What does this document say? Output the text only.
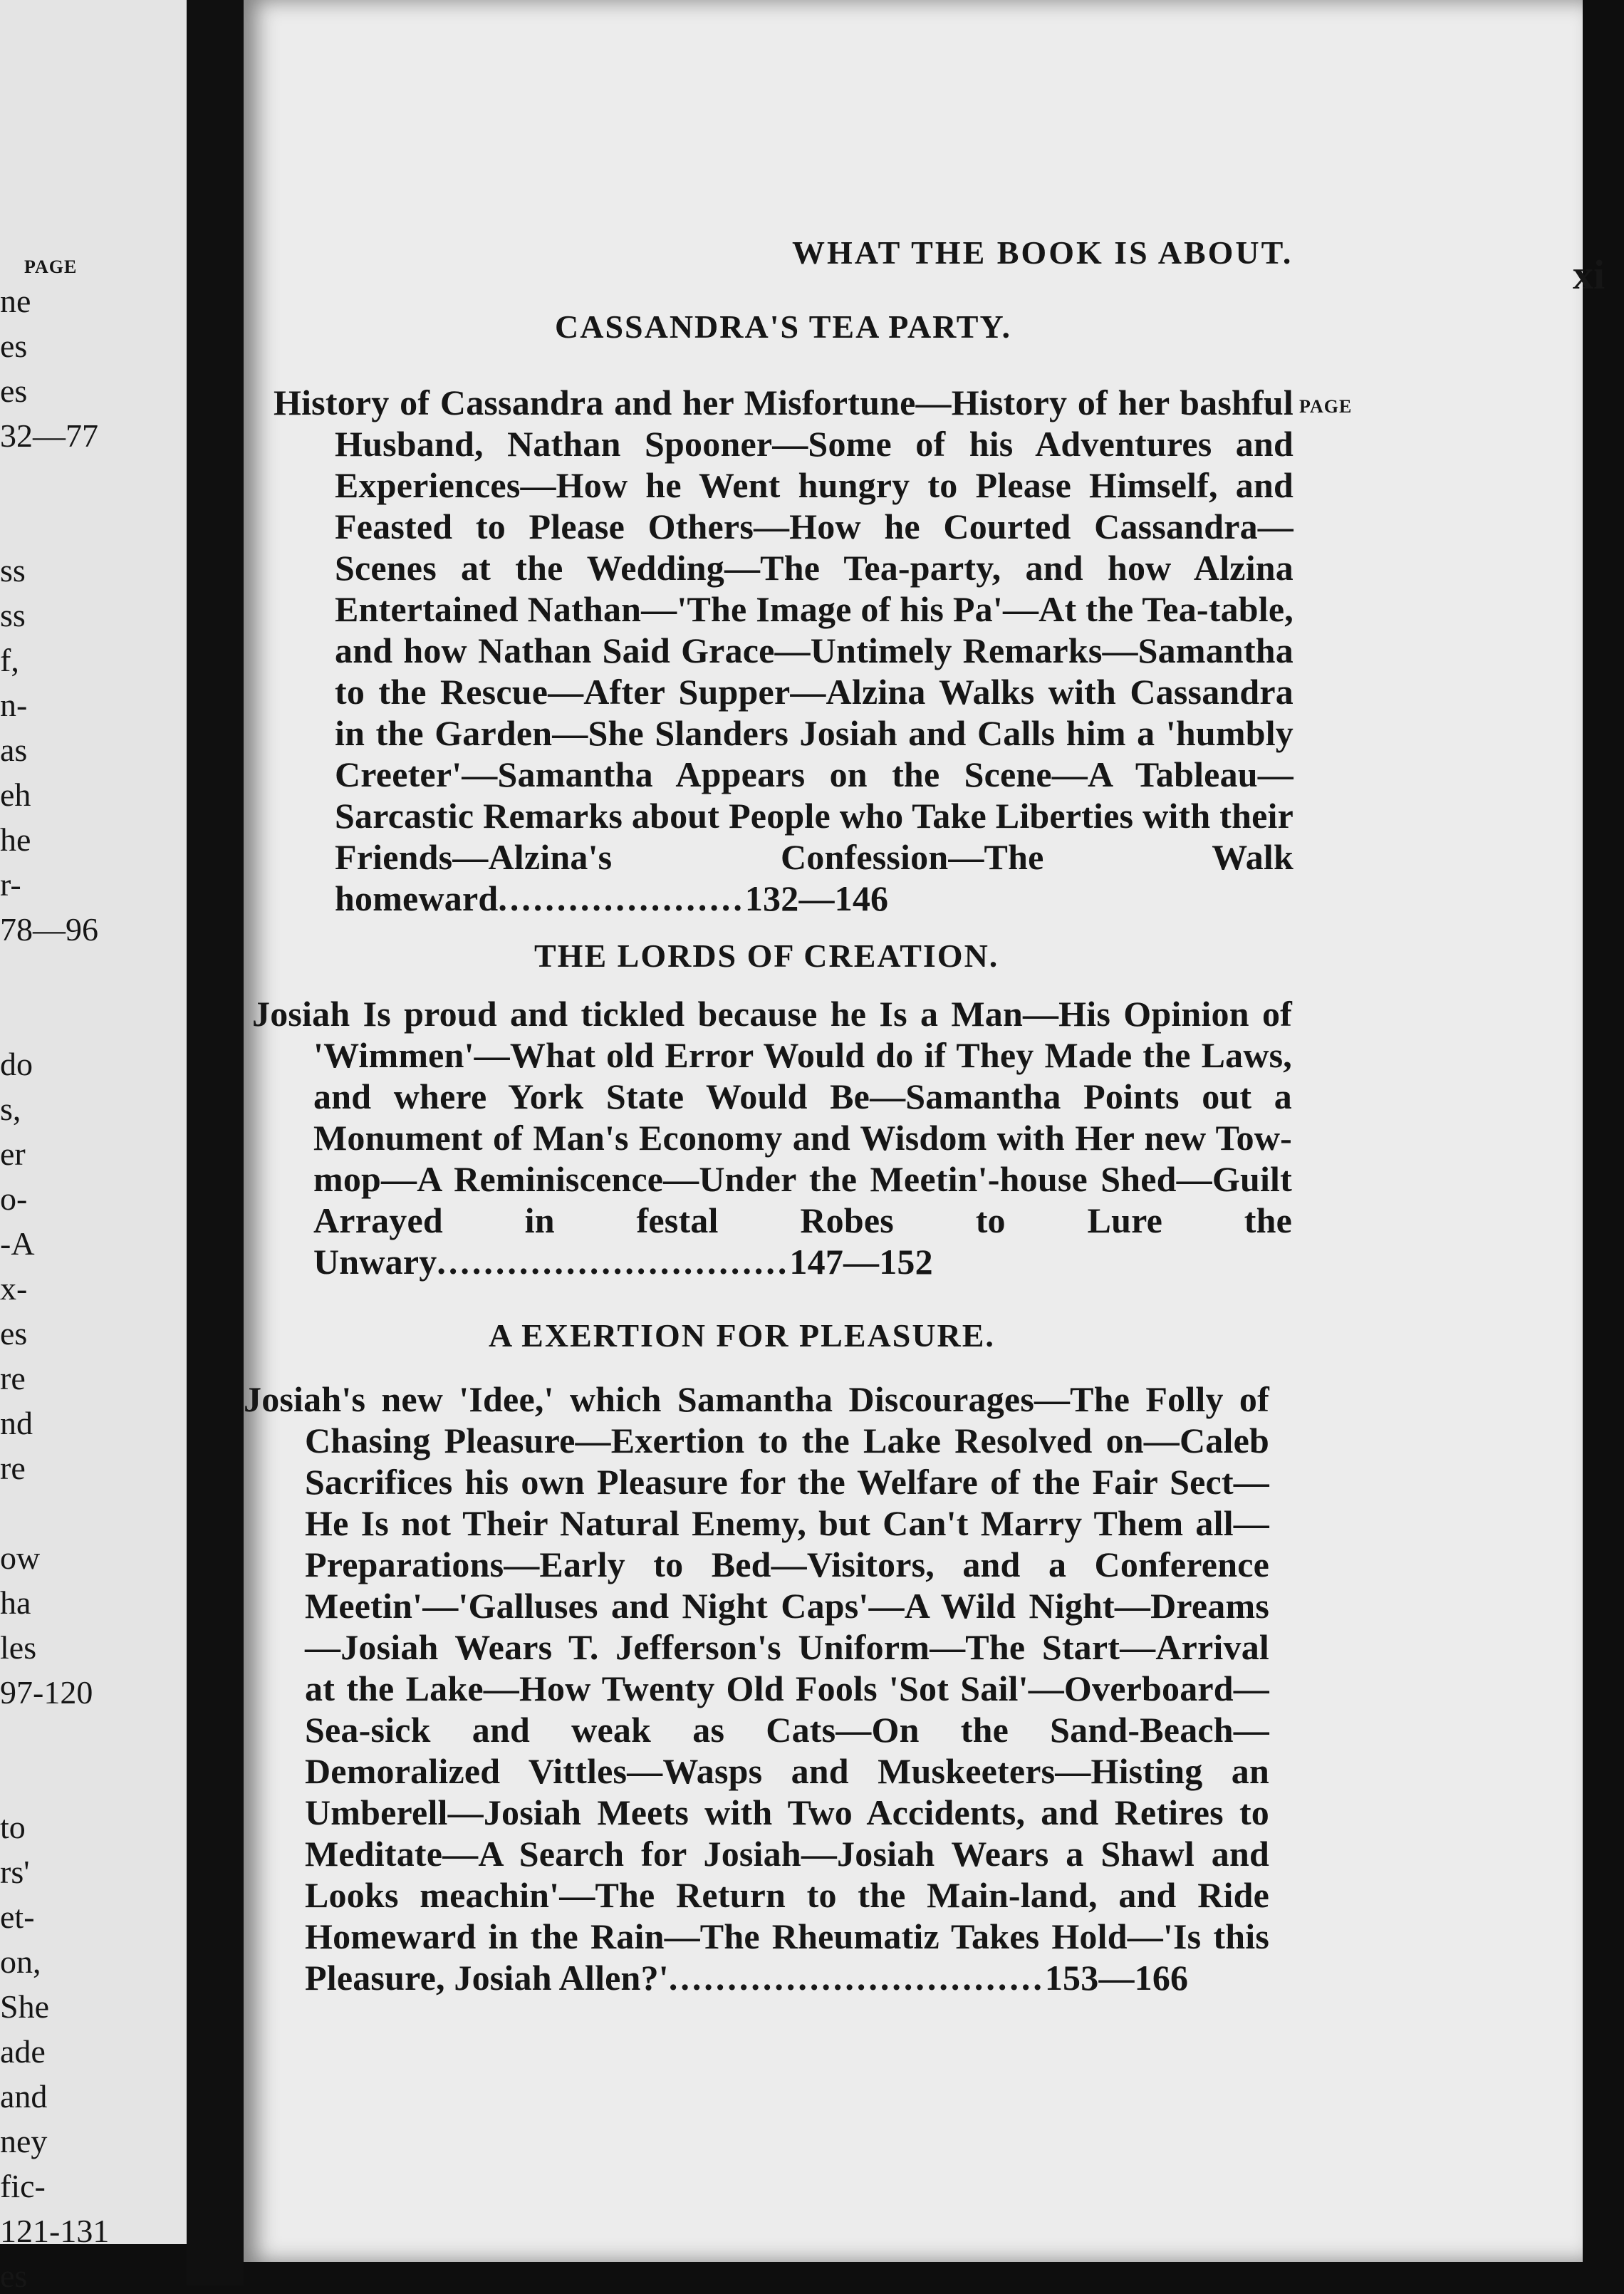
PAGE
ne
es
es
32—77
ss
ss
f,
n-
as
eh
he
r-
78—96
do
s,
er
o-
-A
x-
es
re
nd
re
ow
ha
les
97-120
to
rs'
et-
on,
She
ade
and
ney
fic-
121-131
es
WHAT THE BOOK IS ABOUT.	xi
CASSANDRA'S TEA PARTY.
PAGE

History of Cassandra and her Misfortune—History of her bashful Husband, Nathan Spooner—Some of his Adventures and Experiences—How he Went hungry to Please Himself, and Feasted to Please Others—How he Courted Cassandra—Scenes at the Wedding—The Tea-party, and how Alzina Entertained Nathan—'The Image of his Pa'—At the Tea-table, and how Nathan Said Grace—Untimely Remarks—Samantha to the Rescue—After Supper—Alzina Walks with Cassandra in the Garden—She Slanders Josiah and Calls him a 'humbly Creeter'—Samantha Appears on the Scene—A Tableau—Sarcastic Remarks about People who Take Liberties with their Friends—Alzina's Confession—The Walk homeward.....................132—146

THE LORDS OF CREATION.

Josiah Is proud and tickled because he Is a Man—His Opinion of 'Wimmen'—What old Error Would do if They Made the Laws, and where York State Would Be—Samantha Points out a Monument of Man's Economy and Wisdom with Her new Tow-mop—A Reminiscence—Under the Meetin'-house Shed—Guilt Arrayed in festal Robes to Lure the Unwary..............................147—152

A EXERTION FOR PLEASURE.

Josiah's new 'Idee,' which Samantha Discourages—The Folly of Chasing Pleasure—Exertion to the Lake Resolved on—Caleb Sacrifices his own Pleasure for the Welfare of the Fair Sect—He Is not Their Natural Enemy, but Can't Marry Them all—Preparations—Early to Bed—Visitors, and a Conference Meetin'—'Galluses and Night Caps'—A Wild Night—Dreams—Josiah Wears T. Jefferson's Uniform—The Start—Arrival at the Lake—How Twenty Old Fools 'Sot Sail'—Overboard—Sea-sick and weak as Cats—On the Sand-Beach—Demoralized Vittles—Wasps and Muskeeters—Histing an Umberell—Josiah Meets with Two Accidents, and Retires to Meditate—A Search for Josiah—Josiah Wears a Shawl and Looks meachin'—The Return to the Main-land, and Ride Homeward in the Rain—The Rheumatiz Takes Hold—'Is this Pleasure, Josiah Allen?'................................153—166
